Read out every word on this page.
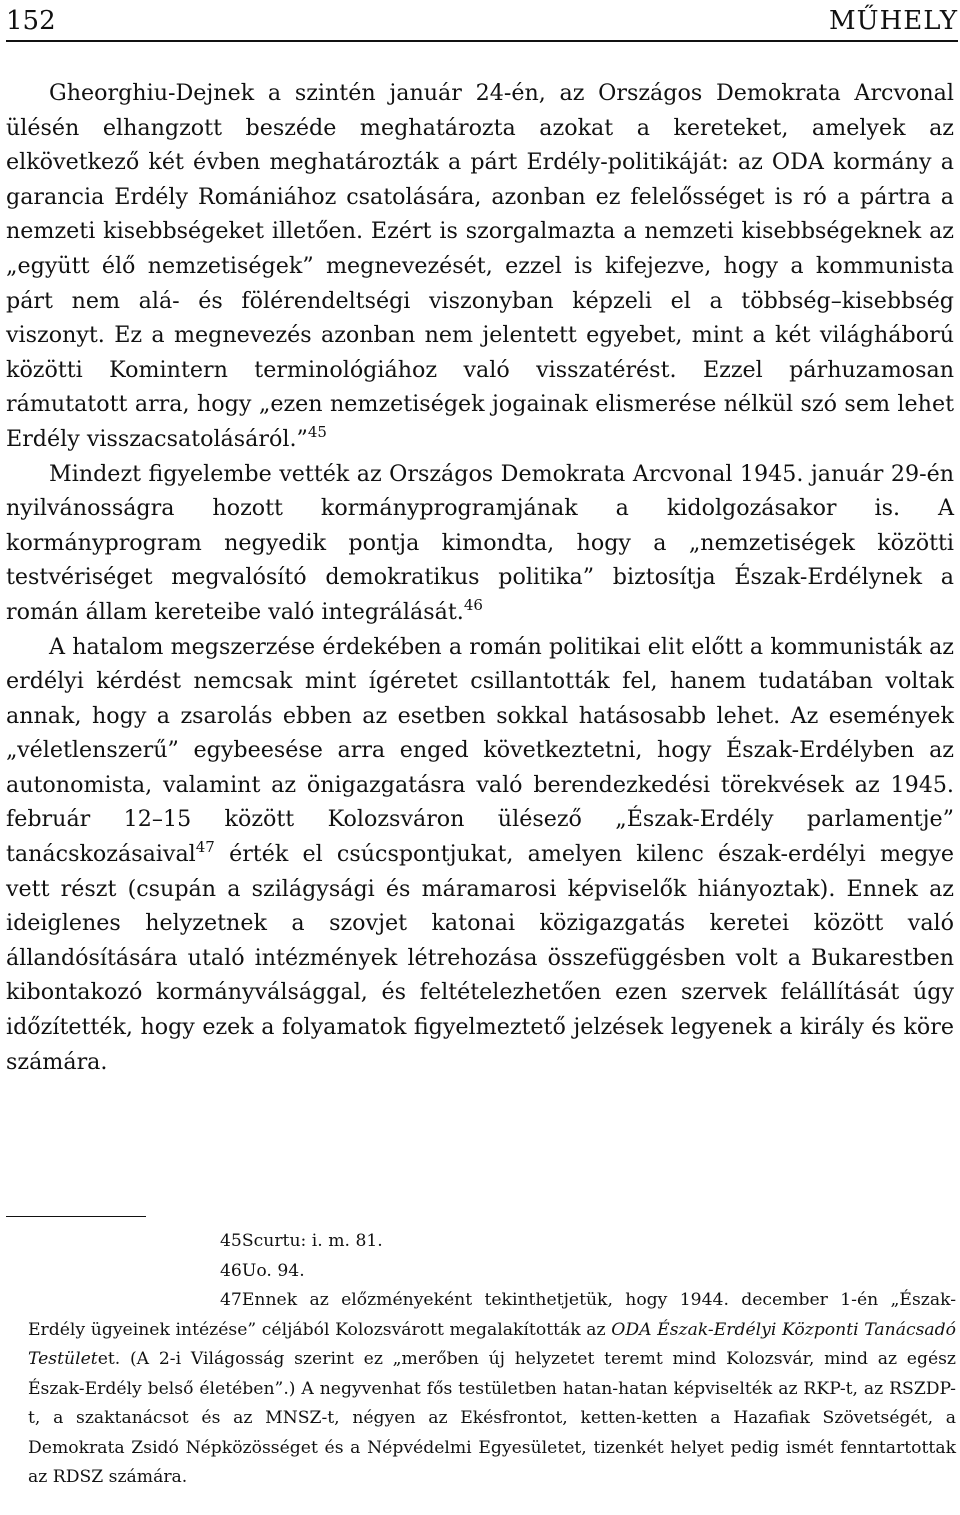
152	MŰHELY

Gheorghiu-Dejnek a szintén január 24-én, az Országos Demokrata Arcvonal ülésén elhangzott beszéde meghatározta azokat a kereteket, amelyek az elkövetkező két évben meghatározták a párt Erdély-politikáját: az ODA kormány a garancia Erdély Romániához csatolására, azonban ez felelősséget is ró a pártra a nemzeti kisebbségeket illetően. Ezért is szorgalmazta a nemzeti kisebbségeknek az „együtt élő nemzetiségek” megnevezését, ezzel is kifejezve, hogy a kommunista párt nem alá- és fölérendeltségi viszonyban képzeli el a többség–kisebbség viszonyt. Ez a megnevezés azonban nem jelentett egyebet, mint a két világháború közötti Komintern terminológiához való visszatérést. Ezzel párhuzamosan rámutatott arra, hogy „ezen nemzetiségek jogainak elismerése nélkül szó sem lehet Erdély visszacsatolásáról.”$^{45}$

Mindezt figyelembe vették az Országos Demokrata Arcvonal 1945. január 29-én nyilvánosságra hozott kormányprogramjának a kidolgozásakor is. A kormányprogram negyedik pontja kimondta, hogy a „nemzetiségek közötti testvériséget megvalósító demokratikus politika” biztosítja Észak-Erdélynek a román állam kereteibe való integrálását.$^{46}$

A hatalom megszerzése érdekében a román politikai elit előtt a kommunisták az erdélyi kérdést nemcsak mint ígéretet csillantották fel, hanem tudatában voltak annak, hogy a zsarolás ebben az esetben sokkal hatásosabb lehet. Az események „véletlenszerű” egybeesése arra enged következtetni, hogy Észak-Erdélyben az autonomista, valamint az önigazgatásra való berendezkedési törekvések az 1945. február 12–15 között Kolozsváron ülésező „Észak-Erdély parlamentje” tanácskozásaival$^{47}$ érték el csúcspontjukat, amelyen kilenc észak-erdélyi megye vett részt (csupán a szilágysági és máramarosi képviselők hiányoztak). Ennek az ideiglenes helyzetnek a szovjet katonai közigazgatás keretei között való állandósítására utaló intézmények létrehozása összefüggésben volt a Bukarestben kibontakozó kormányválsággal, és feltételezhetően ezen szervek felállítását úgy időzítették, hogy ezek a folyamatok figyelmeztető jelzések legyenek a király és köre számára.

45Scurtu: i. m. 81.

46Uo. 94.

47Ennek az előzményeként tekinthetjetük, hogy 1944. december 1-én „Észak-Erdély ügyeinek intézése” céljából Kolozsvárott megalakították az ODA Észak-Erdélyi Központi Tanácsadó Testületet. (A 2-i Világosság szerint ez „merőben új helyzetet teremt mind Kolozsvár, mind az egész Észak-Erdély belső életében”.) A negyvenhat fős testületben hatan-hatan képviselték az RKP-t, az RSZDP-t, a szaktanácsot és az MNSZ-t, négyen az Ekésfrontot, ketten-ketten a Hazafiak Szövetségét, a Demokrata Zsidó Népközösséget és a Népvédelmi Egyesületet, tizenkét helyet pedig ismét fenntartottak az RDSZ számára.
